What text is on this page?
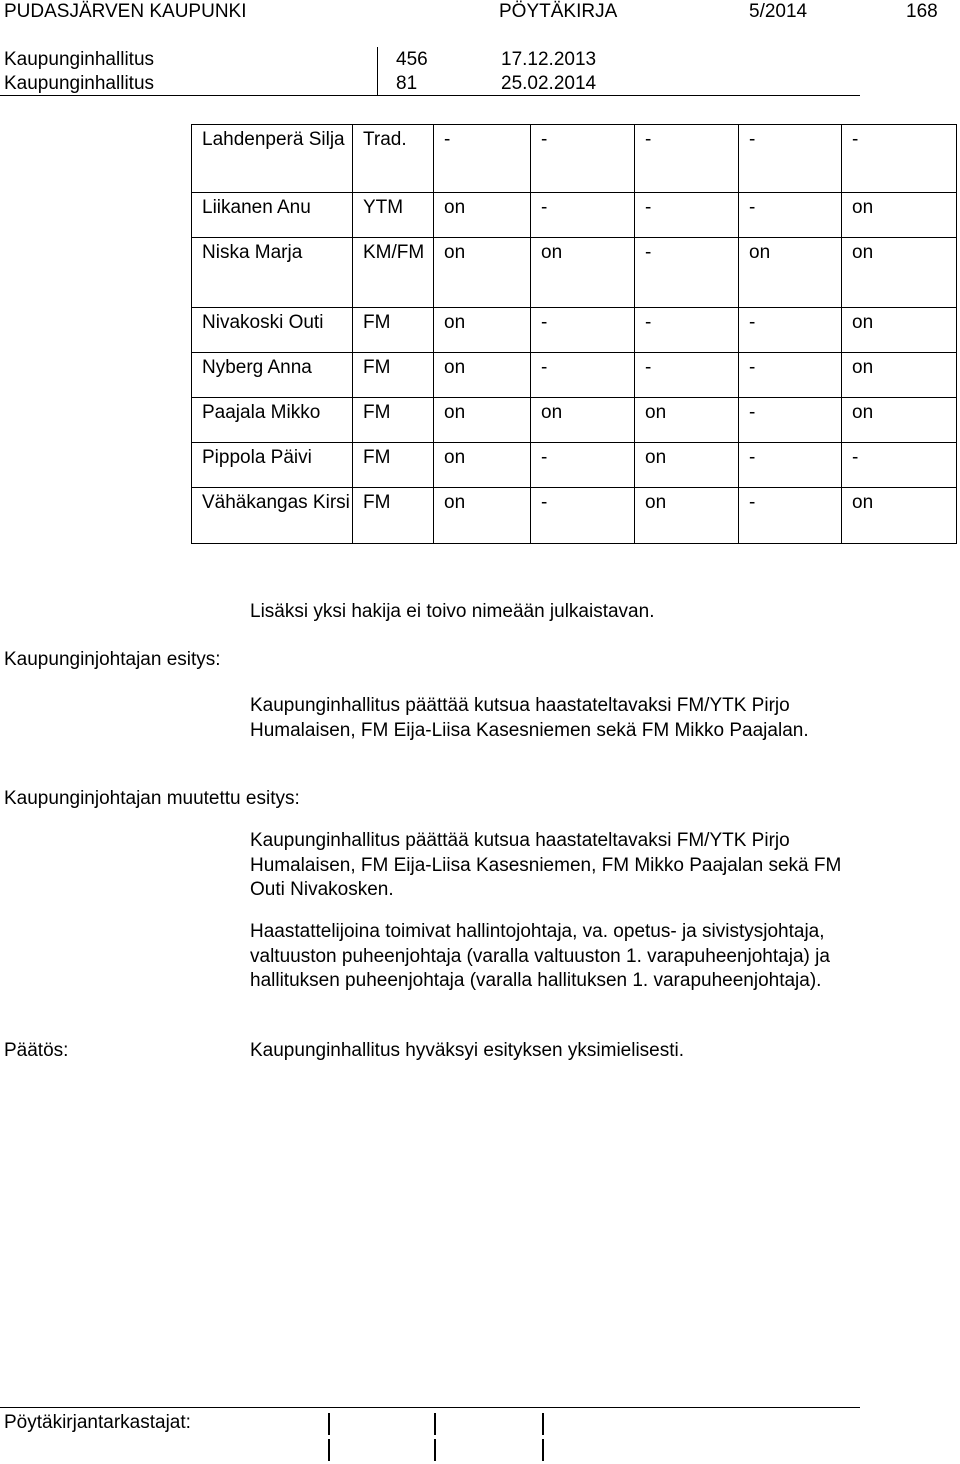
PUDASJÄRVEN KAUPUNKI	PÖYTÄKIRJA	5/2014	168
Kaupunginhallitus	456	17.12.2013
Kaupunginhallitus	81	25.02.2014
Lahdenperä Silja	Trad.	-	-	-	-	-
Liikanen Anu	YTM	on	-	-	-	on
Niska Marja	KM/FM	on	on	-	on	on
Nivakoski Outi	FM	on	-	-	-	on
Nyberg Anna	FM	on	-	-	-	on
Paajala Mikko	FM	on	on	on	-	on
Pippola Päivi	FM	on	-	on	-	-
Vähäkangas Kirsi	FM	on	-	on	-	on
Lisäksi yksi hakija ei toivo nimeään julkaistavan.
Kaupunginjohtajan esitys:
Kaupunginhallitus päättää kutsua haastateltavaksi FM/YTK Pirjo Humalaisen, FM Eija-Liisa Kasesniemen sekä FM Mikko Paajalan.
Kaupunginjohtajan muutettu esitys:
Kaupunginhallitus päättää kutsua haastateltavaksi FM/YTK Pirjo Humalaisen, FM Eija-Liisa Kasesniemen, FM Mikko Paajalan sekä FM Outi Nivakosken.
Haastattelijoina toimivat hallintojohtaja, va. opetus- ja sivistysjohtaja, valtuuston puheenjohtaja (varalla valtuuston 1. varapuheenjohtaja) ja hallituksen puheenjohtaja (varalla hallituksen 1. varapuheenjohtaja).
Päätös:	Kaupunginhallitus hyväksyi esityksen yksimielisesti.
Pöytäkirjantarkastajat:
